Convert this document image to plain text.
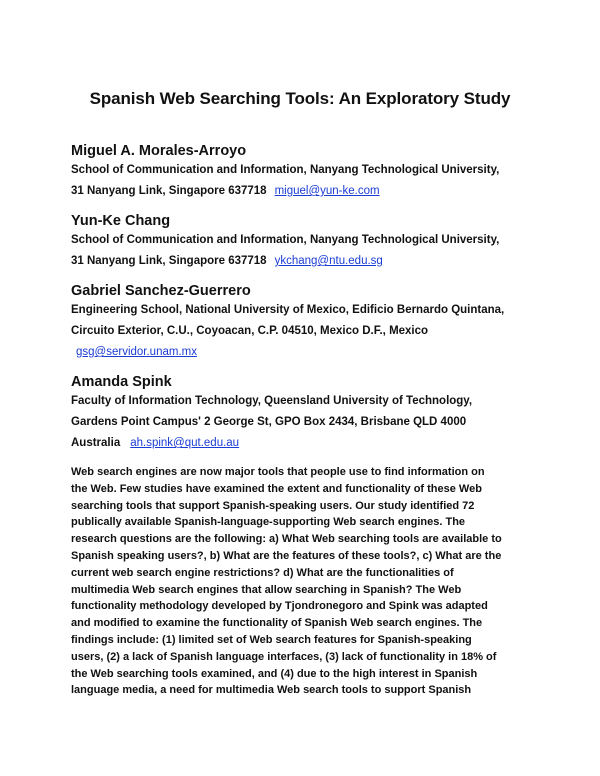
Spanish Web Searching Tools: An Exploratory Study
Miguel A. Morales-Arroyo
School of Communication and Information, Nanyang Technological University,
31 Nanyang Link, Singapore 637718 miguel@yun-ke.com
Yun-Ke Chang
School of Communication and Information, Nanyang Technological University,
31 Nanyang Link, Singapore 637718 ykchang@ntu.edu.sg
Gabriel Sanchez-Guerrero
Engineering School, National University of Mexico, Edificio Bernardo Quintana,
Circuito Exterior, C.U., Coyoacan, C.P. 04510, Mexico D.F., Mexico
gsg@servidor.unam.mx
Amanda Spink
Faculty of Information Technology, Queensland University of Technology,
Gardens Point Campus' 2 George St, GPO Box 2434, Brisbane QLD 4000
Australia ah.spink@qut.edu.au
Web search engines are now major tools that people use to find information on
the Web. Few studies have examined the extent and functionality of these Web
searching tools that support Spanish-speaking users. Our study identified 72
publically available Spanish-language-supporting Web search engines. The
research questions are the following: a) What Web searching tools are available to
Spanish speaking users?, b) What are the features of these tools?, c) What are the
current web search engine restrictions? d) What are the functionalities of
multimedia Web search engines that allow searching in Spanish? The Web
functionality methodology developed by Tjondronegoro and Spink was adapted
and modified to examine the functionality of Spanish Web search engines. The
findings include: (1) limited set of Web search features for Spanish-speaking
users, (2) a lack of Spanish language interfaces, (3) lack of functionality in 18% of
the Web searching tools examined, and (4) due to the high interest in Spanish
language media, a need for multimedia Web search tools to support Spanish
